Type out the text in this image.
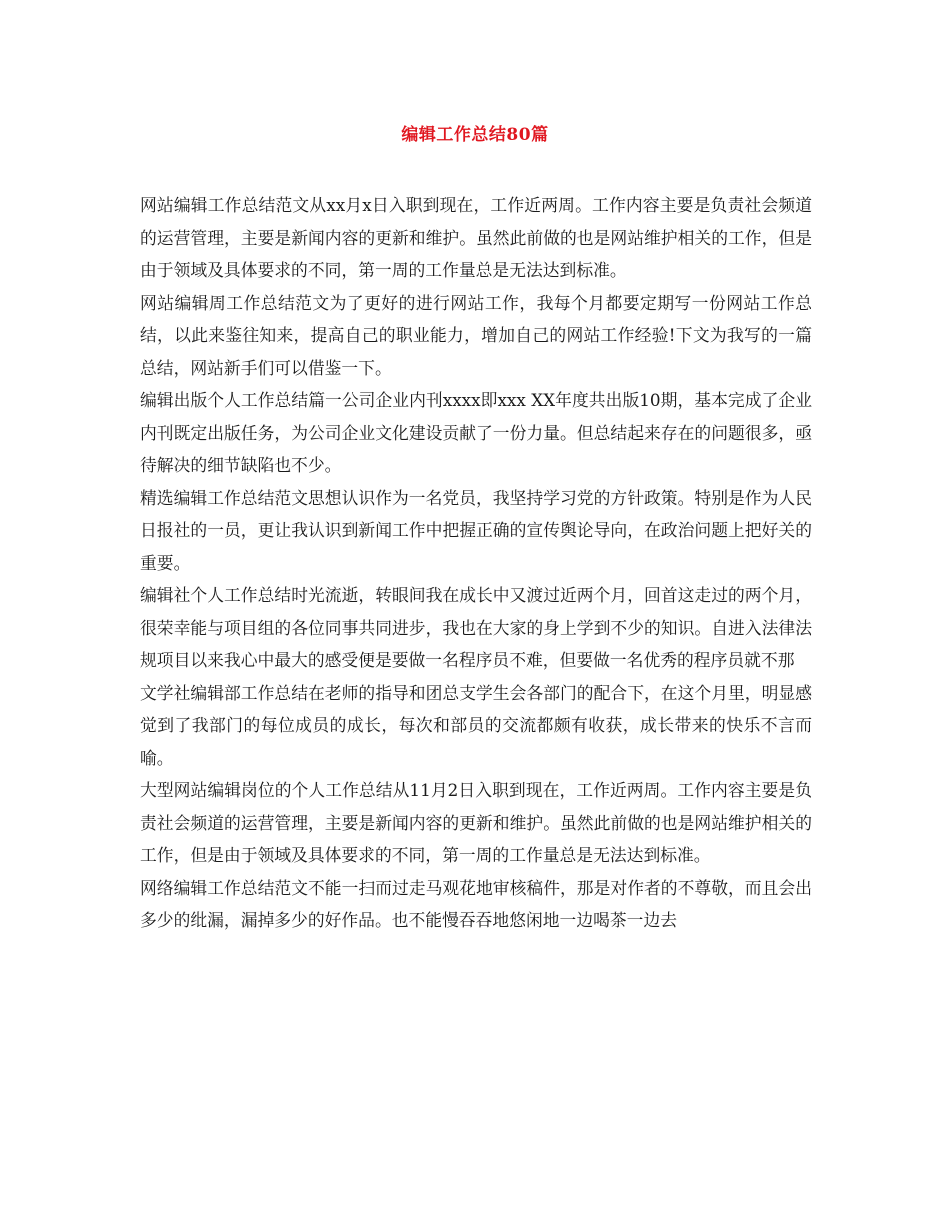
编辑工作总结80篇

网站编辑工作总结范文从xx月x日入职到现在，工作近两周。工作内容主要是负责社会频道的运营管理，主要是新闻内容的更新和维护。虽然此前做的也是网站维护相关的工作，但是由于领域及具体要求的不同，第一周的工作量总是无法达到标准。

网站编辑周工作总结范文为了更好的进行网站工作，我每个月都要定期写一份网站工作总结，以此来鉴往知来，提高自己的职业能力，增加自己的网站工作经验!下文为我写的一篇总结，网站新手们可以借鉴一下。

编辑出版个人工作总结篇一公司企业内刊xxxx即xxx XX年度共出版10期，基本完成了企业内刊既定出版任务，为公司企业文化建设贡献了一份力量。但总结起来存在的问题很多，亟待解决的细节缺陷也不少。

精选编辑工作总结范文思想认识作为一名党员，我坚持学习党的方针政策。特别是作为人民日报社的一员，更让我认识到新闻工作中把握正确的宣传舆论导向，在政治问题上把好关的重要。

编辑社个人工作总结时光流逝，转眼间我在成长中又渡过近两个月，回首这走过的两个月，很荣幸能与项目组的各位同事共同进步，我也在大家的身上学到不少的知识。自进入法律法规项目以来我心中最大的感受便是要做一名程序员不难，但要做一名优秀的程序员就不那

文学社编辑部工作总结在老师的指导和团总支学生会各部门的配合下，在这个月里，明显感觉到了我部门的每位成员的成长，每次和部员的交流都颇有收获，成长带来的快乐不言而喻。

大型网站编辑岗位的个人工作总结从11月2日入职到现在，工作近两周。工作内容主要是负责社会频道的运营管理，主要是新闻内容的更新和维护。虽然此前做的也是网站维护相关的工作，但是由于领域及具体要求的不同，第一周的工作量总是无法达到标准。

网络编辑工作总结范文不能一扫而过走马观花地审核稿件，那是对作者的不尊敬，而且会出多少的纰漏，漏掉多少的好作品。也不能慢吞吞地悠闲地一边喝茶一边去
